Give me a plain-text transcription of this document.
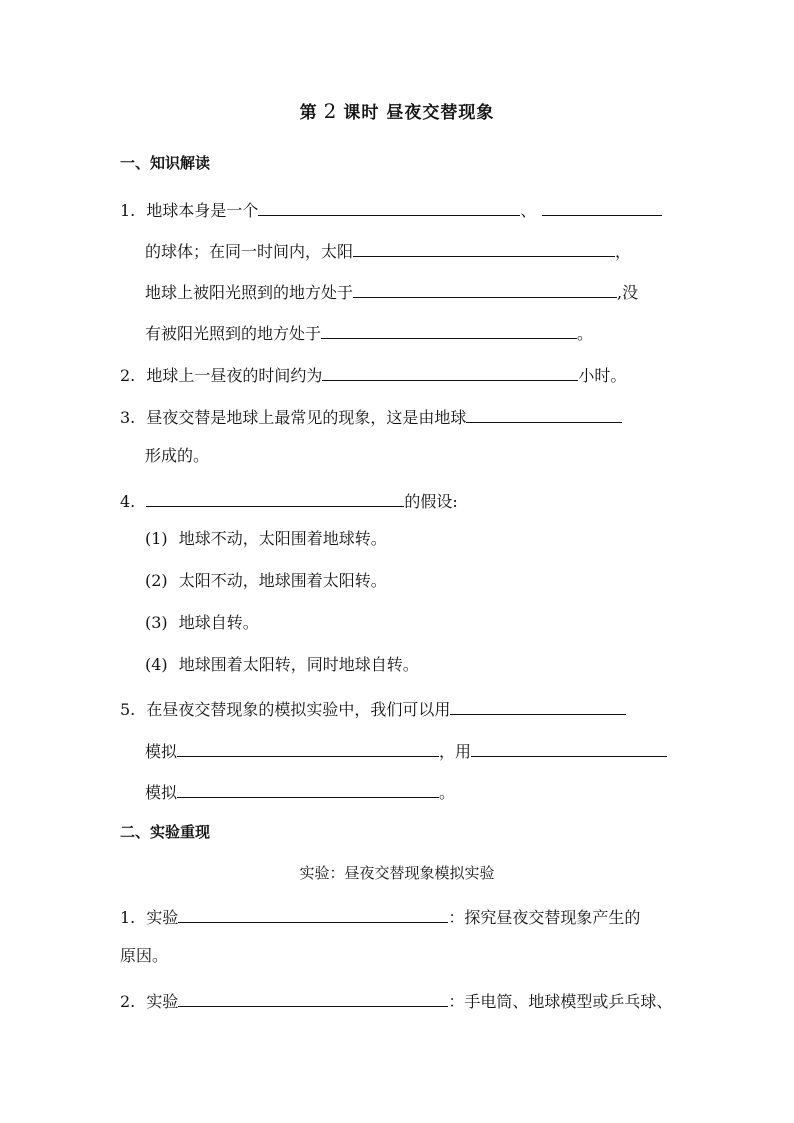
第 2 课时 昼夜交替现象
一、知识解读
1. 地球本身是一个	、
的球体；在同一时间内，太阳	，
地球上被阳光照到的地方处于	,没
有被阳光照到的地方处于	。
2. 地球上一昼夜的时间约为	小时。
3. 昼夜交替是地球上最常见的现象，这是由地球
形成的。
4.	的假设:
(1) 地球不动，太阳围着地球转。
(2) 太阳不动，地球围着太阳转。
(3) 地球自转。
(4) 地球围着太阳转，同时地球自转。
5. 在昼夜交替现象的模拟实验中，我们可以用
模拟	，用
模拟	。
二、实验重现
实验：昼夜交替现象模拟实验
1. 实验	：探究昼夜交替现象产生的
原因。
2. 实验	：手电筒、地球模型或乒乓球、
